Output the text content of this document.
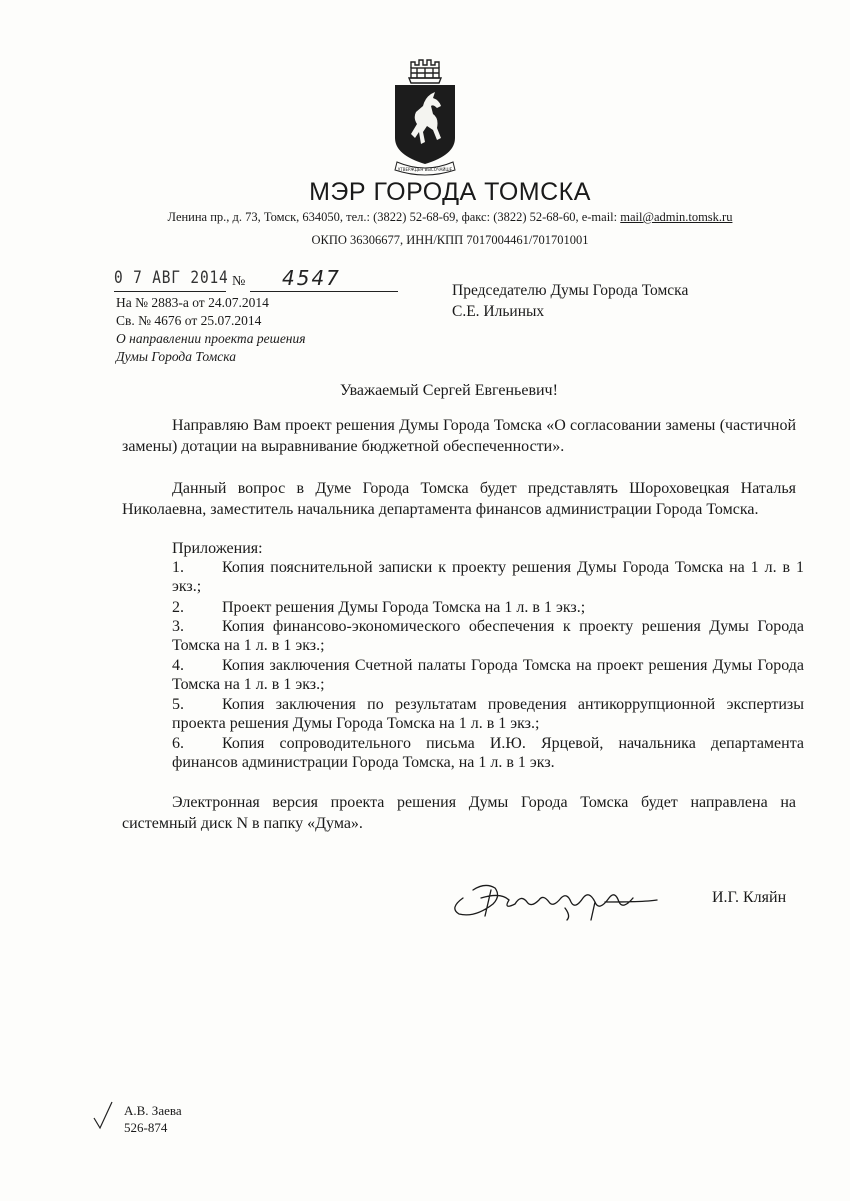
УТВЕРЖДЕН ВЫСОЧАЙШЕ
МЭР ГОРОДА ТОМСКА
Ленина пр., д. 73, Томск, 634050, тел.: (3822) 52-68-69, факс: (3822) 52-68-60, e-mail: mail@admin.tomsk.ru
ОКПО 36306677, ИНН/КПП 7017004461/701701001
0 7 АВГ 2014 № 4547
На № 2883-а от 24.07.2014
Св. № 4676 от 25.07.2014
О направлении проекта решения Думы Города Томска
Председателю Думы Города Томска
С.Е. Ильиных
Уважаемый Сергей Евгеньевич!
Направляю Вам проект решения Думы Города Томска «О согласовании замены (частичной замены) дотации на выравнивание бюджетной обеспеченности».
Данный вопрос в Думе Города Томска будет представлять Шороховецкая Наталья Николаевна, заместитель начальника департамента финансов администрации Города Томска.
Приложения:
1. Копия пояснительной записки к проекту решения Думы Города Томска на 1 л. в 1 экз.;
2. Проект решения Думы Города Томска на 1 л. в 1 экз.;
3. Копия финансово-экономического обеспечения к проекту решения Думы Города Томска на 1 л. в 1 экз.;
4. Копия заключения Счетной палаты Города Томска на проект решения Думы Города Томска на 1 л. в 1 экз.;
5. Копия заключения по результатам проведения антикоррупционной экспертизы проекта решения Думы Города Томска на 1 л. в 1 экз.;
6. Копия сопроводительного письма И.Ю. Ярцевой, начальника департамента финансов администрации Города Томска, на 1 л. в 1 экз.
Электронная версия проекта решения Думы Города Томска будет направлена на системный диск N в папку «Дума».
И.Г. Кляйн
А.В. Заева
526-874
